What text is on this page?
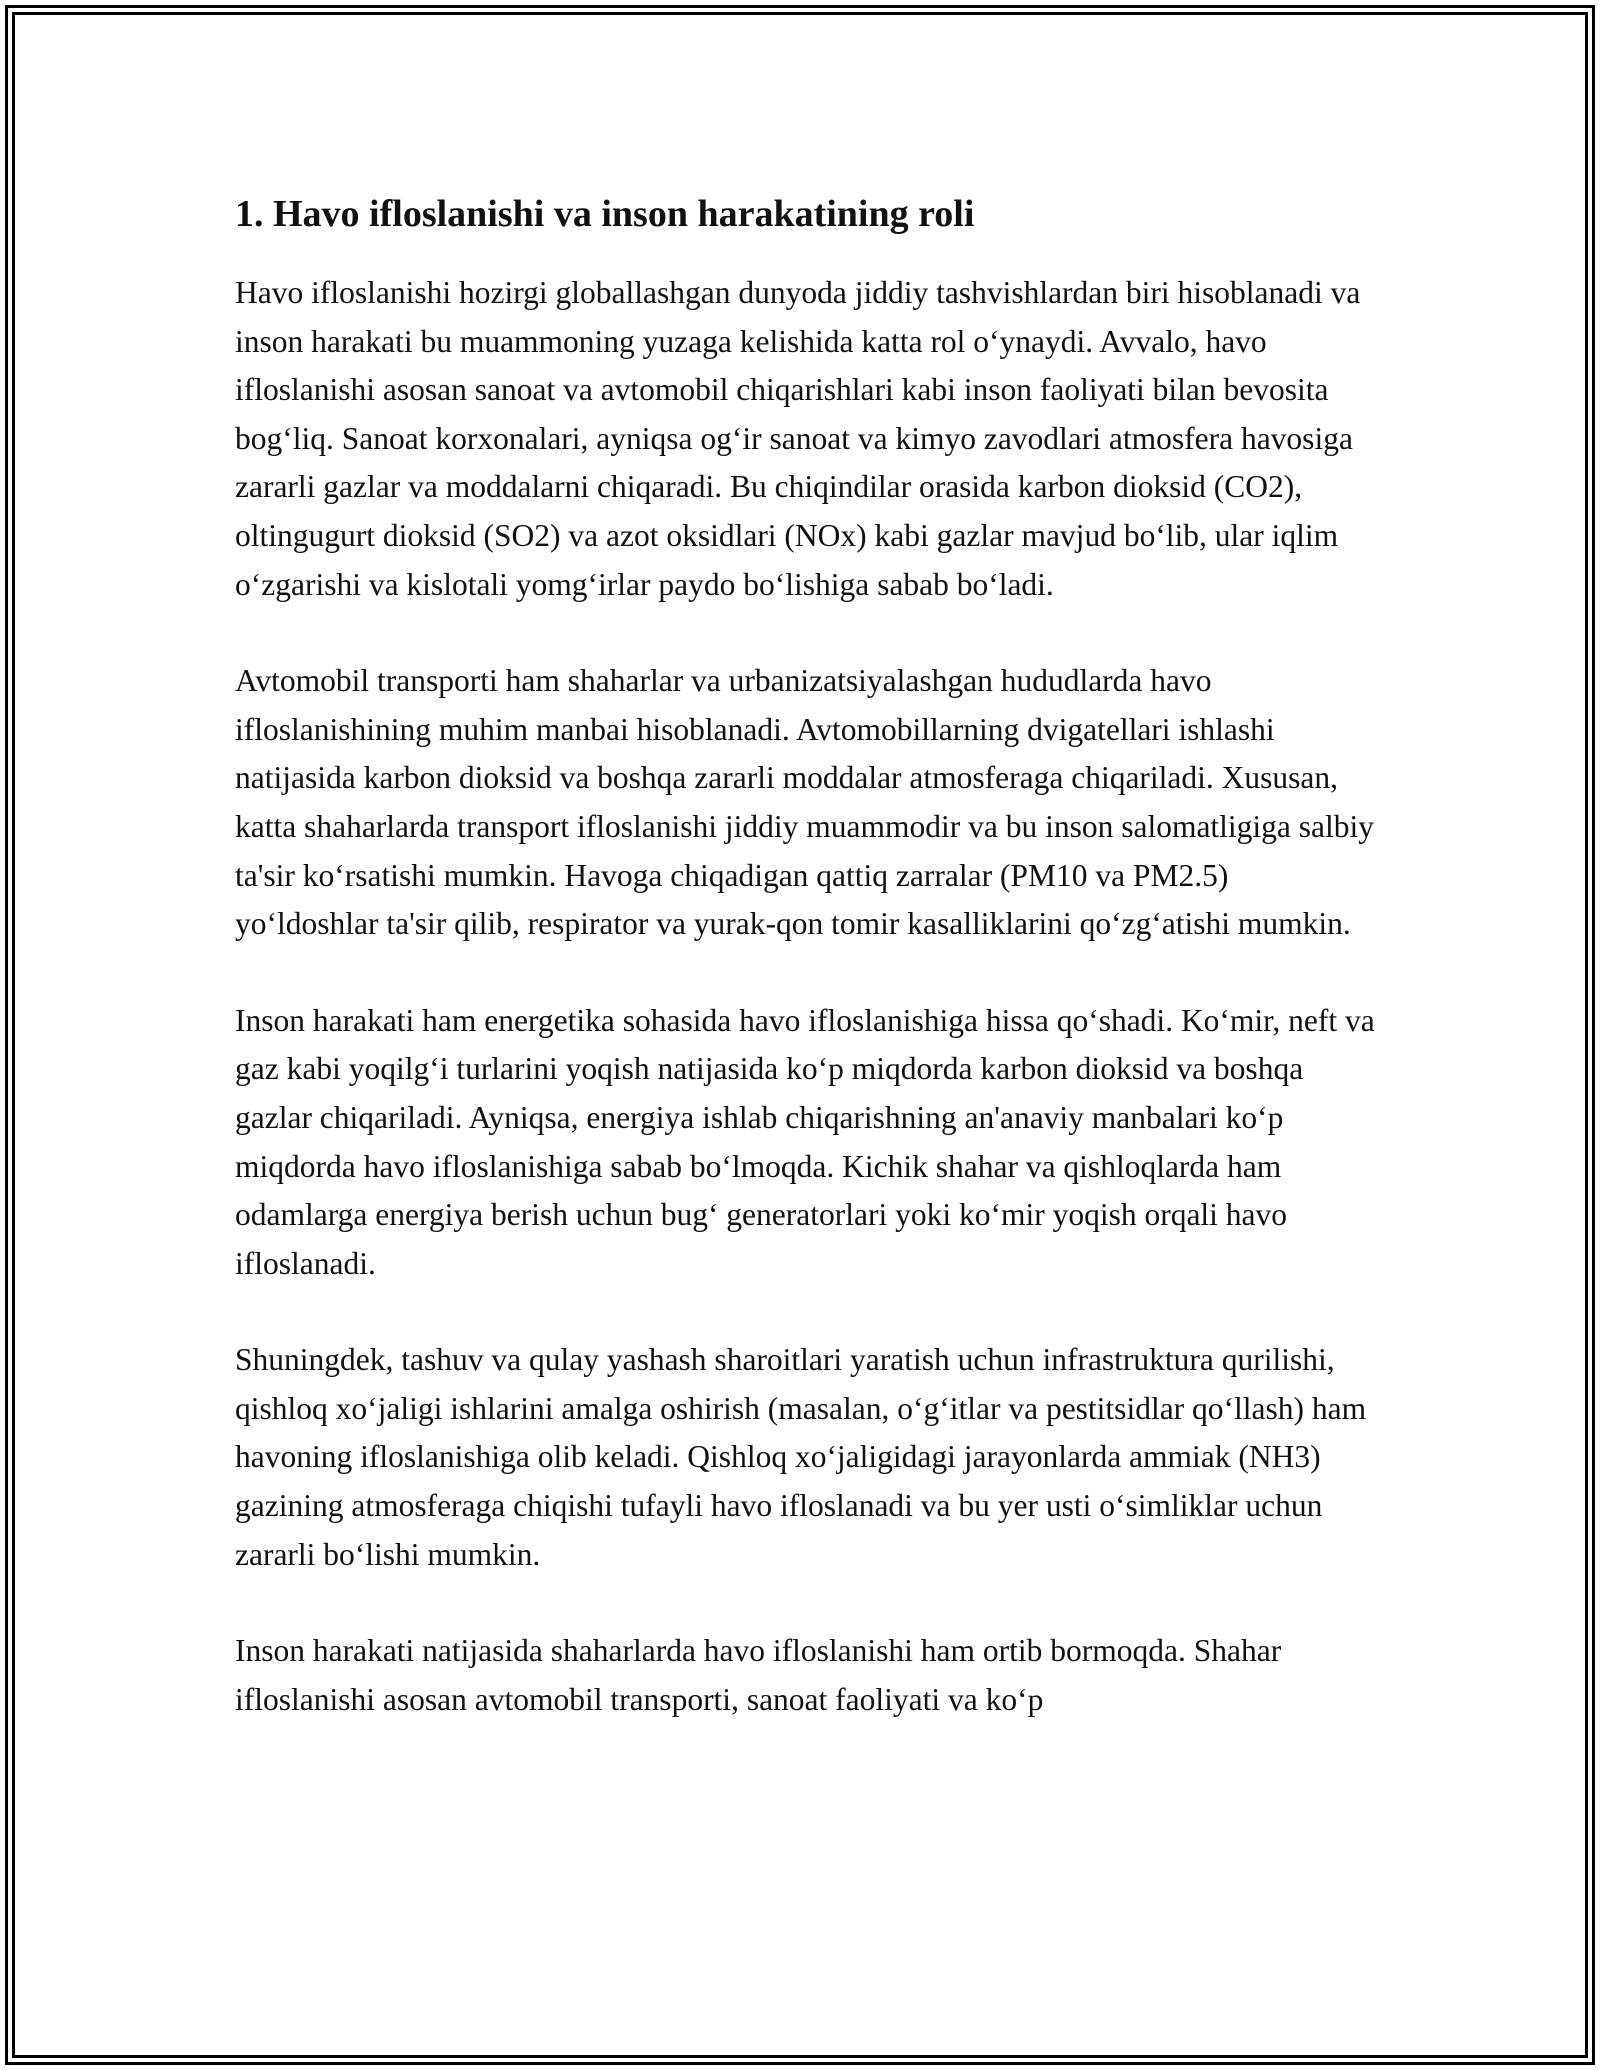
1. Havo ifloslanishi va inson harakatining roli

Havo ifloslanishi hozirgi globallashgan dunyoda jiddiy tashvishlardan biri hisoblanadi va inson harakati bu muammoning yuzaga kelishida katta rol o‘ynaydi. Avvalo, havo ifloslanishi asosan sanoat va avtomobil chiqarishlari kabi inson faoliyati bilan bevosita bog‘liq. Sanoat korxonalari, ayniqsa og‘ir sanoat va kimyo zavodlari atmosfera havosiga zararli gazlar va moddalarni chiqaradi. Bu chiqindilar orasida karbon dioksid (CO2), oltingugurt dioksid (SO2) va azot oksidlari (NOx) kabi gazlar mavjud bo‘lib, ular iqlim o‘zgarishi va kislotali yomg‘irlar paydo bo‘lishiga sabab bo‘ladi.

Avtomobil transporti ham shaharlar va urbanizatsiyalashgan hududlarda havo ifloslanishining muhim manbai hisoblanadi. Avtomobillarning dvigatellari ishlashi natijasida karbon dioksid va boshqa zararli moddalar atmosferaga chiqariladi. Xususan, katta shaharlarda transport ifloslanishi jiddiy muammodir va bu inson salomatligiga salbiy ta'sir ko‘rsatishi mumkin. Havoga chiqadigan qattiq zarralar (PM10 va PM2.5) yo‘ldoshlar ta'sir qilib, respirator va yurak-qon tomir kasalliklarini qo‘zg‘atishi mumkin.

Inson harakati ham energetika sohasida havo ifloslanishiga hissa qo‘shadi. Ko‘mir, neft va gaz kabi yoqilg‘i turlarini yoqish natijasida ko‘p miqdorda karbon dioksid va boshqa gazlar chiqariladi. Ayniqsa, energiya ishlab chiqarishning an'anaviy manbalari ko‘p miqdorda havo ifloslanishiga sabab bo‘lmoqda. Kichik shahar va qishloqlarda ham odamlarga energiya berish uchun bug‘ generatorlari yoki ko‘mir yoqish orqali havo ifloslanadi.

Shuningdek, tashuv va qulay yashash sharoitlari yaratish uchun infrastruktura qurilishi, qishloq xo‘jaligi ishlarini amalga oshirish (masalan, o‘g‘itlar va pestitsidlar qo‘llash) ham havoning ifloslanishiga olib keladi. Qishloq xo‘jaligidagi jarayonlarda ammiak (NH3) gazining atmosferaga chiqishi tufayli havo ifloslanadi va bu yer usti o‘simliklar uchun zararli bo‘lishi mumkin.

Inson harakati natijasida shaharlarda havo ifloslanishi ham ortib bormoqda. Shahar ifloslanishi asosan avtomobil transporti, sanoat faoliyati va ko‘p
